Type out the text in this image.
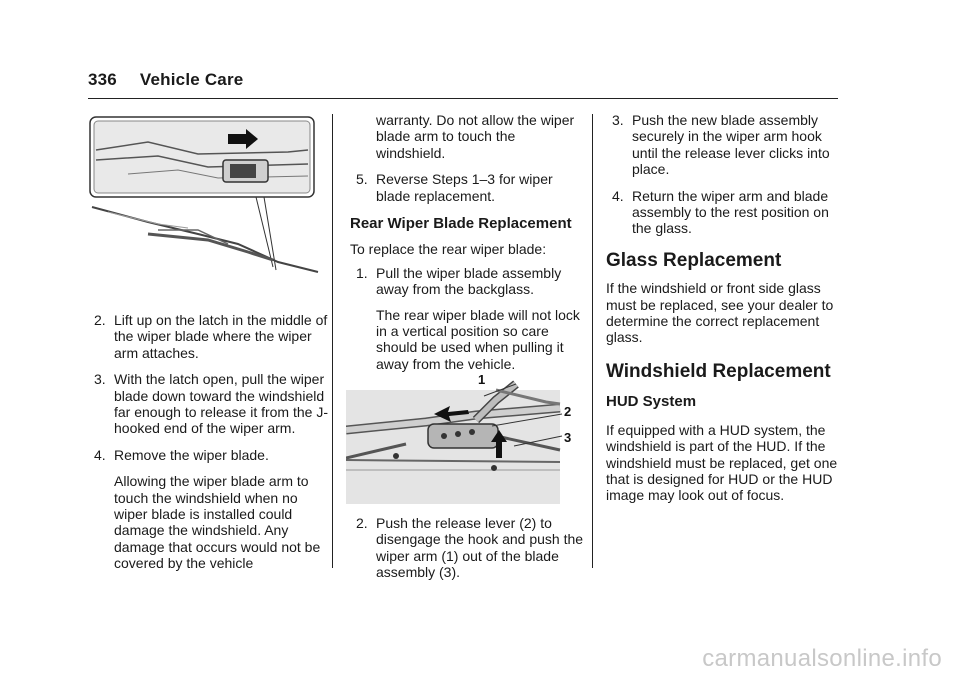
336 Vehicle Care
2. Lift up on the latch in the middle of the wiper blade where the wiper arm attaches.

3. With the latch open, pull the wiper blade down toward the windshield far enough to release it from the J-hooked end of the wiper arm.

4. Remove the wiper blade.

Allowing the wiper blade arm to touch the windshield when no wiper blade is installed could damage the windshield. Any damage that occurs would not be covered by the vehicle

warranty. Do not allow the wiper blade arm to touch the windshield.

5. Reverse Steps 1–3 for wiper blade replacement.

Rear Wiper Blade Replacement

To replace the rear wiper blade:

1. Pull the wiper blade assembly away from the backglass.

The rear wiper blade will not lock in a vertical position so care should be used when pulling it away from the vehicle.

1
2
3
2. Push the release lever (2) to disengage the hook and push the wiper arm (1) out of the blade assembly (3).

3. Push the new blade assembly securely in the wiper arm hook until the release lever clicks into place.

4. Return the wiper arm and blade assembly to the rest position on the glass.

Glass Replacement

If the windshield or front side glass must be replaced, see your dealer to determine the correct replacement glass.

Windshield Replacement
HUD System

If equipped with a HUD system, the windshield is part of the HUD. If the windshield must be replaced, get one that is designed for HUD or the HUD image may look out of focus.

carmanualsonline.info
